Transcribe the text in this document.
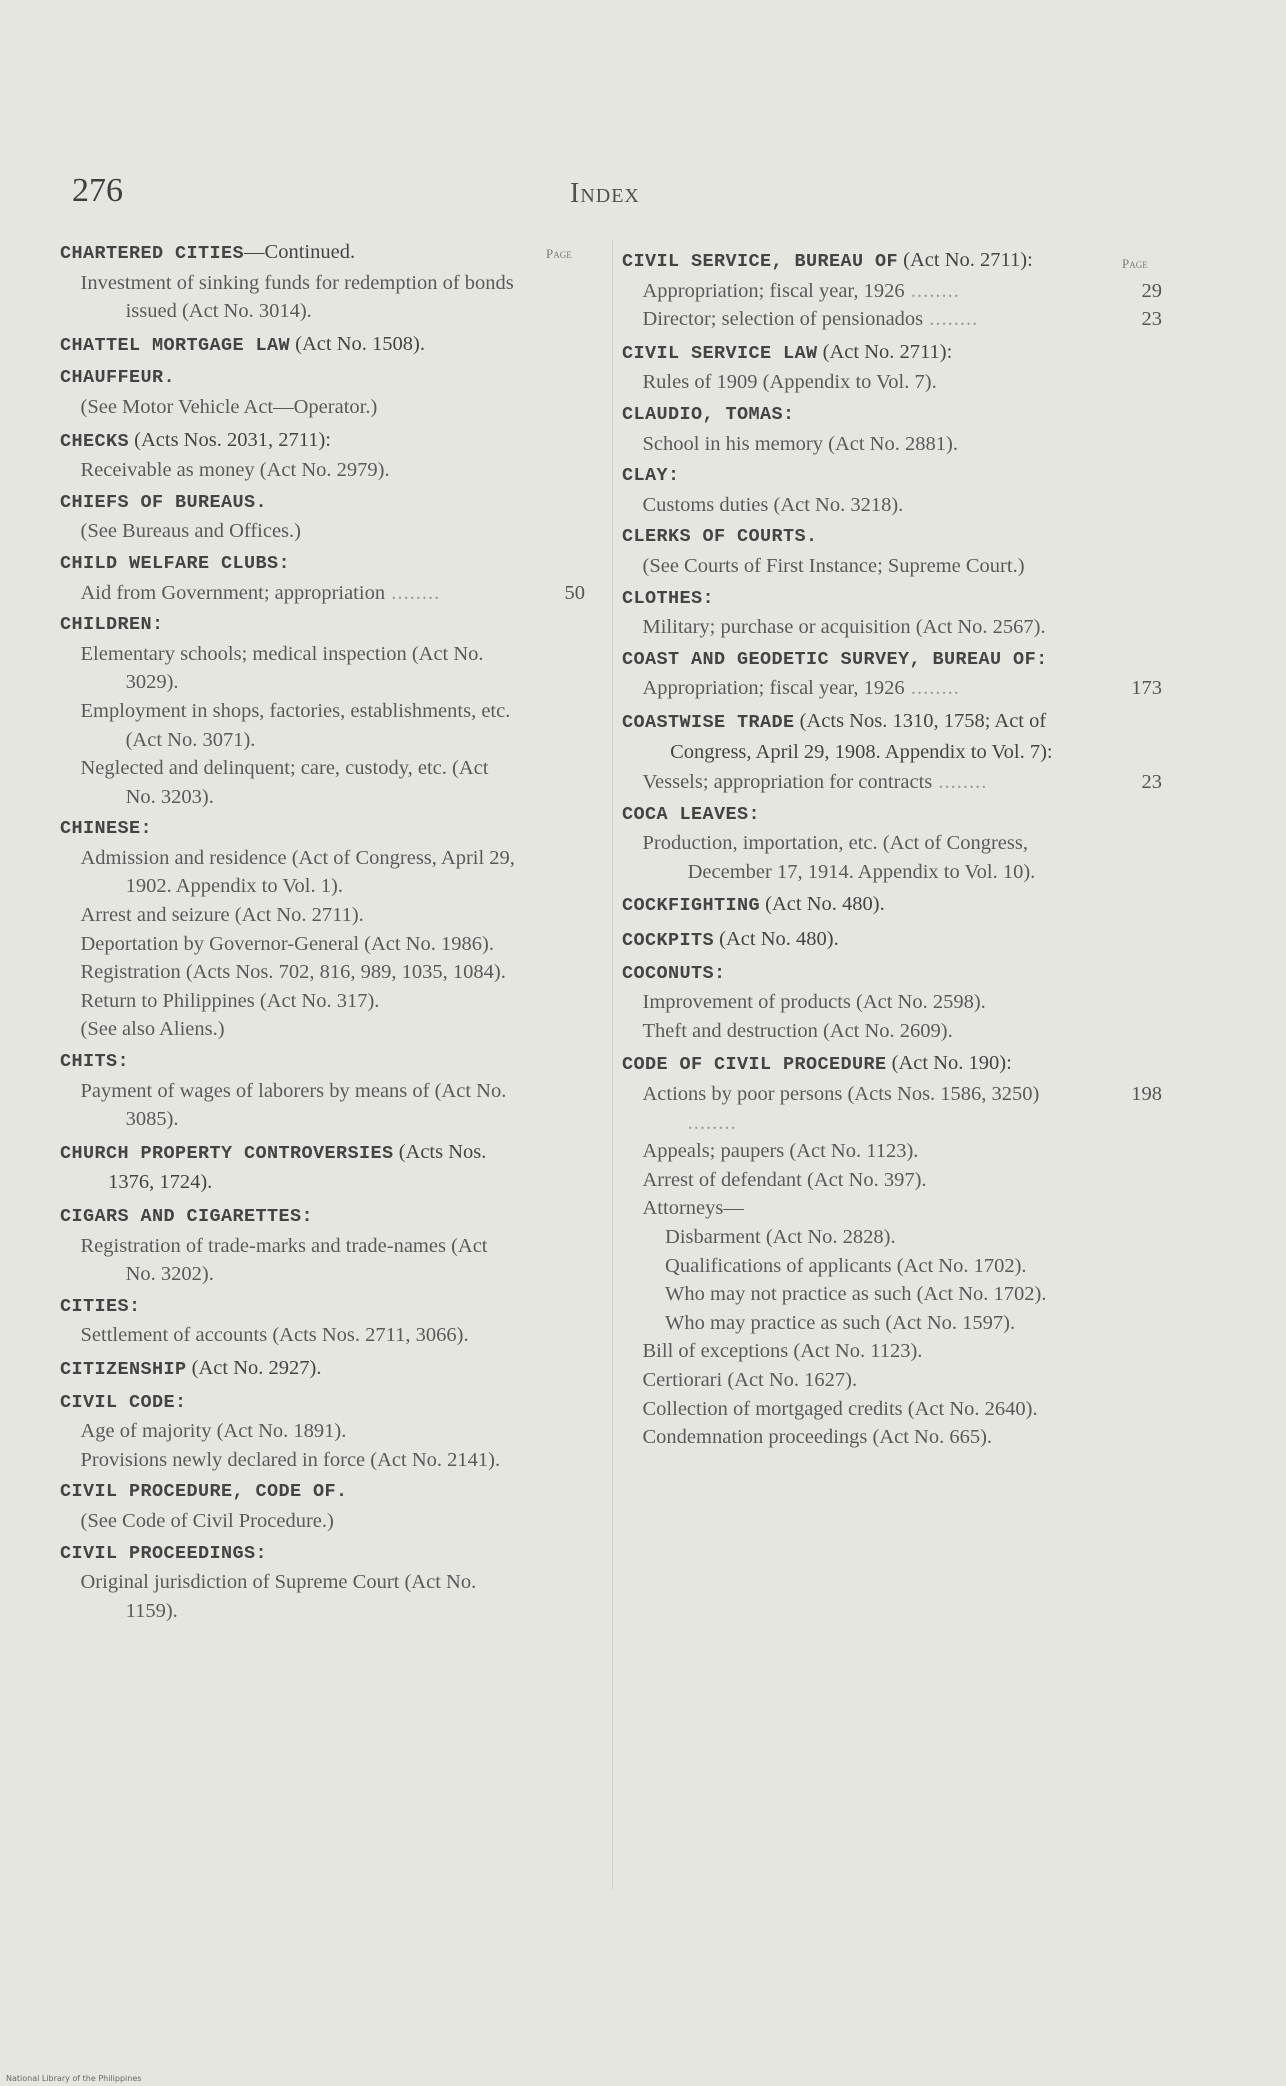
276	Index
Page
Page
CHARTERED CITIES—Continued.
Investment of sinking funds for redemption of bonds issued (Act No. 3014).
CHATTEL MORTGAGE LAW (Act No. 1508).
CHAUFFEUR.
(See Motor Vehicle Act—Operator.)
CHECKS (Acts Nos. 2031, 2711):
Receivable as money (Act No. 2979).
CHIEFS OF BUREAUS.
(See Bureaus and Offices.)
CHILD WELFARE CLUBS:
Aid from Government; appropriation .....	50
CHILDREN:
Elementary schools; medical inspection (Act No. 3029).
Employment in shops, factories, establishments, etc. (Act No. 3071).
Neglected and delinquent; care, custody, etc. (Act No. 3203).
CHINESE:
Admission and residence (Act of Congress, April 29, 1902. Appendix to Vol. 1).
Arrest and seizure (Act No. 2711).
Deportation by Governor-General (Act No. 1986).
Registration (Acts Nos. 702, 816, 989, 1035, 1084).
Return to Philippines (Act No. 317).
(See also Aliens.)
CHITS:
Payment of wages of laborers by means of (Act No. 3085).
CHURCH PROPERTY CONTROVERSIES (Acts Nos. 1376, 1724).
CIGARS AND CIGARETTES:
Registration of trade-marks and trade-names (Act No. 3202).
CITIES:
Settlement of accounts (Acts Nos. 2711, 3066).
CITIZENSHIP (Act No. 2927).
CIVIL CODE:
Age of majority (Act No. 1891).
Provisions newly declared in force (Act No. 2141).
CIVIL PROCEDURE, CODE OF.
(See Code of Civil Procedure.)
CIVIL PROCEEDINGS:
Original jurisdiction of Supreme Court (Act No. 1159).
CIVIL SERVICE, BUREAU OF (Act No. 2711):
Appropriation; fiscal year, 1926 .....	29
Director; selection of pensionados .....	23
CIVIL SERVICE LAW (Act No. 2711):
Rules of 1909 (Appendix to Vol. 7).
CLAUDIO, TOMAS:
School in his memory (Act No. 2881).
CLAY:
Customs duties (Act No. 3218).
CLERKS OF COURTS.
(See Courts of First Instance; Supreme Court.)
CLOTHES:
Military; purchase or acquisition (Act No. 2567).
COAST AND GEODETIC SURVEY, BUREAU OF:
Appropriation; fiscal year, 1926 .....	173
COASTWISE TRADE (Acts Nos. 1310, 1758; Act of Congress, April 29, 1908. Appendix to Vol. 7):
Vessels; appropriation for contracts .....	23
COCA LEAVES:
Production, importation, etc. (Act of Congress, December 17, 1914. Appendix to Vol. 10).
COCKFIGHTING (Act No. 480).
COCKPITS (Act No. 480).
COCONUTS:
Improvement of products (Act No. 2598).
Theft and destruction (Act No. 2609).
CODE OF CIVIL PROCEDURE (Act No. 190):
Actions by poor persons (Acts Nos. 1586, 3250) .....	198
Appeals; paupers (Act No. 1123).
Arrest of defendant (Act No. 397).
Attorneys—
Disbarment (Act No. 2828).
Qualifications of applicants (Act No. 1702).
Who may not practice as such (Act No. 1702).
Who may practice as such (Act No. 1597).
Bill of exceptions (Act No. 1123).
Certiorari (Act No. 1627).
Collection of mortgaged credits (Act No. 2640).
Condemnation proceedings (Act No. 665).
National Library of the Philippines
